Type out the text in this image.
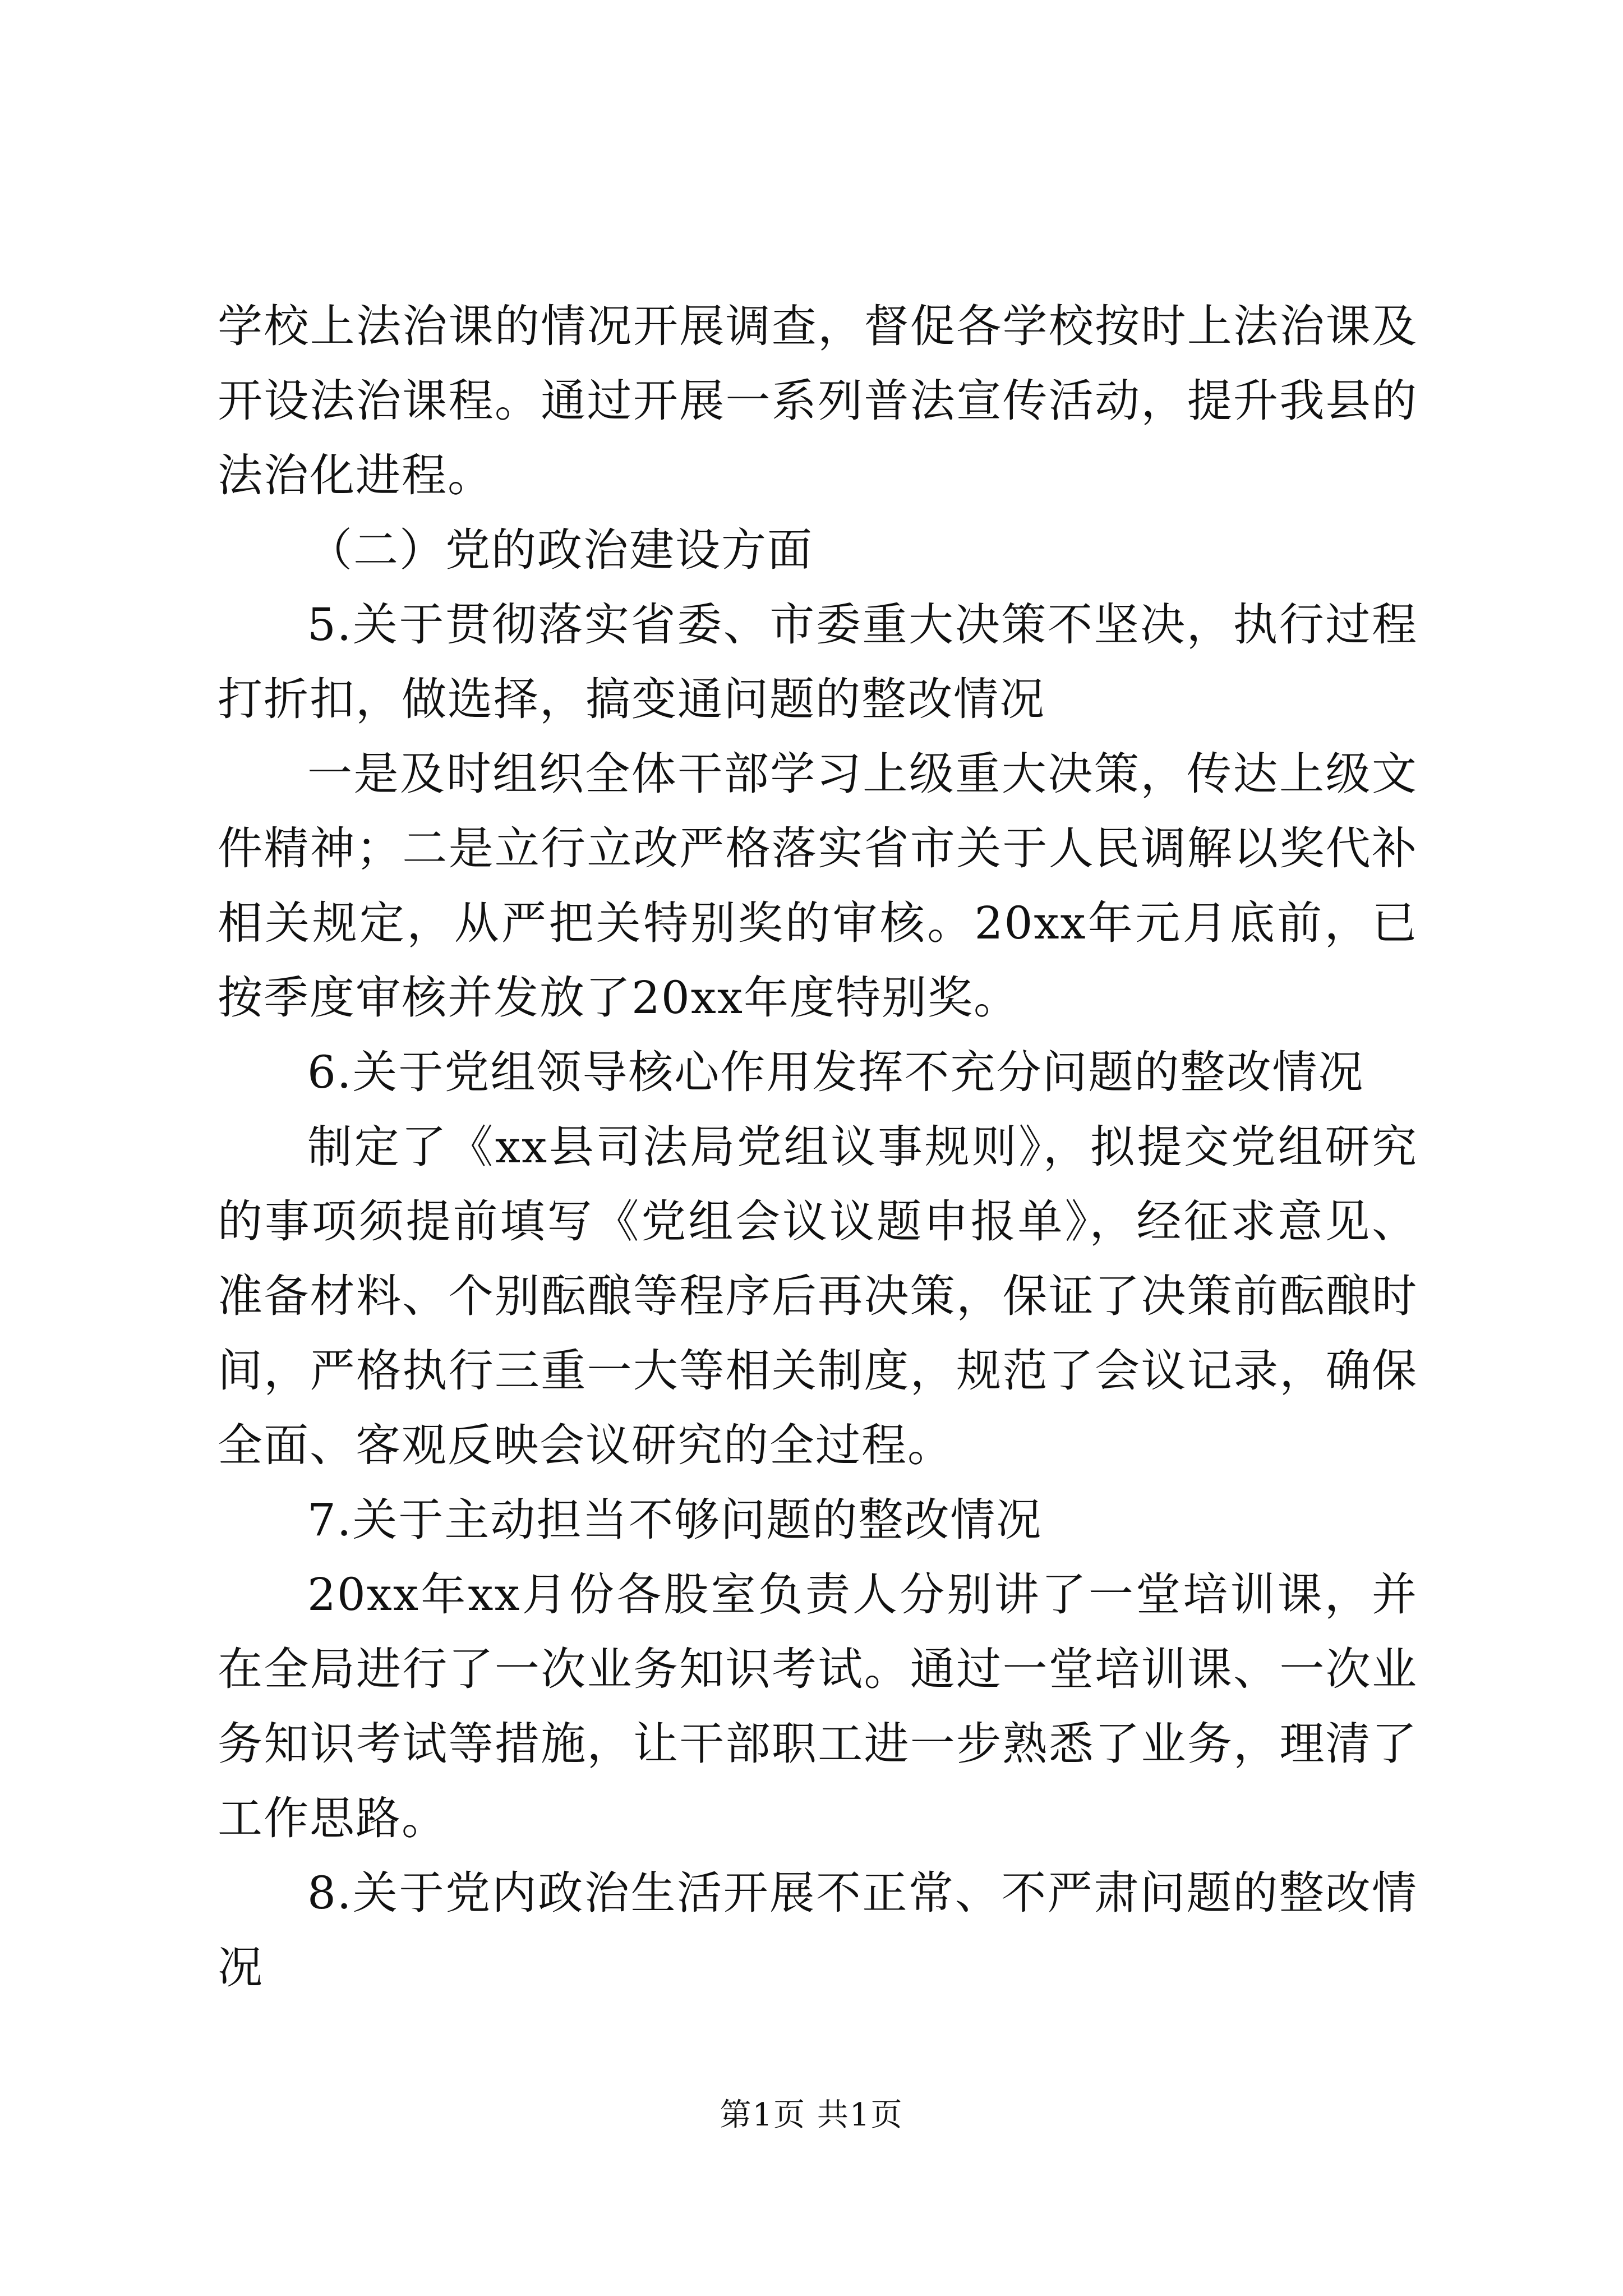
学校上法治课的情况开展调查，督促各学校按时上法治课及开设法治课程。通过开展一系列普法宣传活动，提升我县的法治化进程。

（二）党的政治建设方面

5.关于贯彻落实省委、市委重大决策不坚决，执行过程打折扣，做选择，搞变通问题的整改情况

一是及时组织全体干部学习上级重大决策，传达上级文件精神；二是立行立改严格落实省市关于人民调解以奖代补相关规定，从严把关特别奖的审核。20xx年元月底前，已按季度审核并发放了20xx年度特别奖。

6.关于党组领导核心作用发挥不充分问题的整改情况

制定了《xx县司法局党组议事规则》，拟提交党组研究的事项须提前填写《党组会议议题申报单》，经征求意见、准备材料、个别酝酿等程序后再决策，保证了决策前酝酿时间，严格执行三重一大等相关制度，规范了会议记录，确保全面、客观反映会议研究的全过程。

7.关于主动担当不够问题的整改情况

20xx年xx月份各股室负责人分别讲了一堂培训课，并在全局进行了一次业务知识考试。通过一堂培训课、一次业务知识考试等措施，让干部职工进一步熟悉了业务，理清了工作思路。

8.关于党内政治生活开展不正常、不严肃问题的整改情况

第1页 共1页
